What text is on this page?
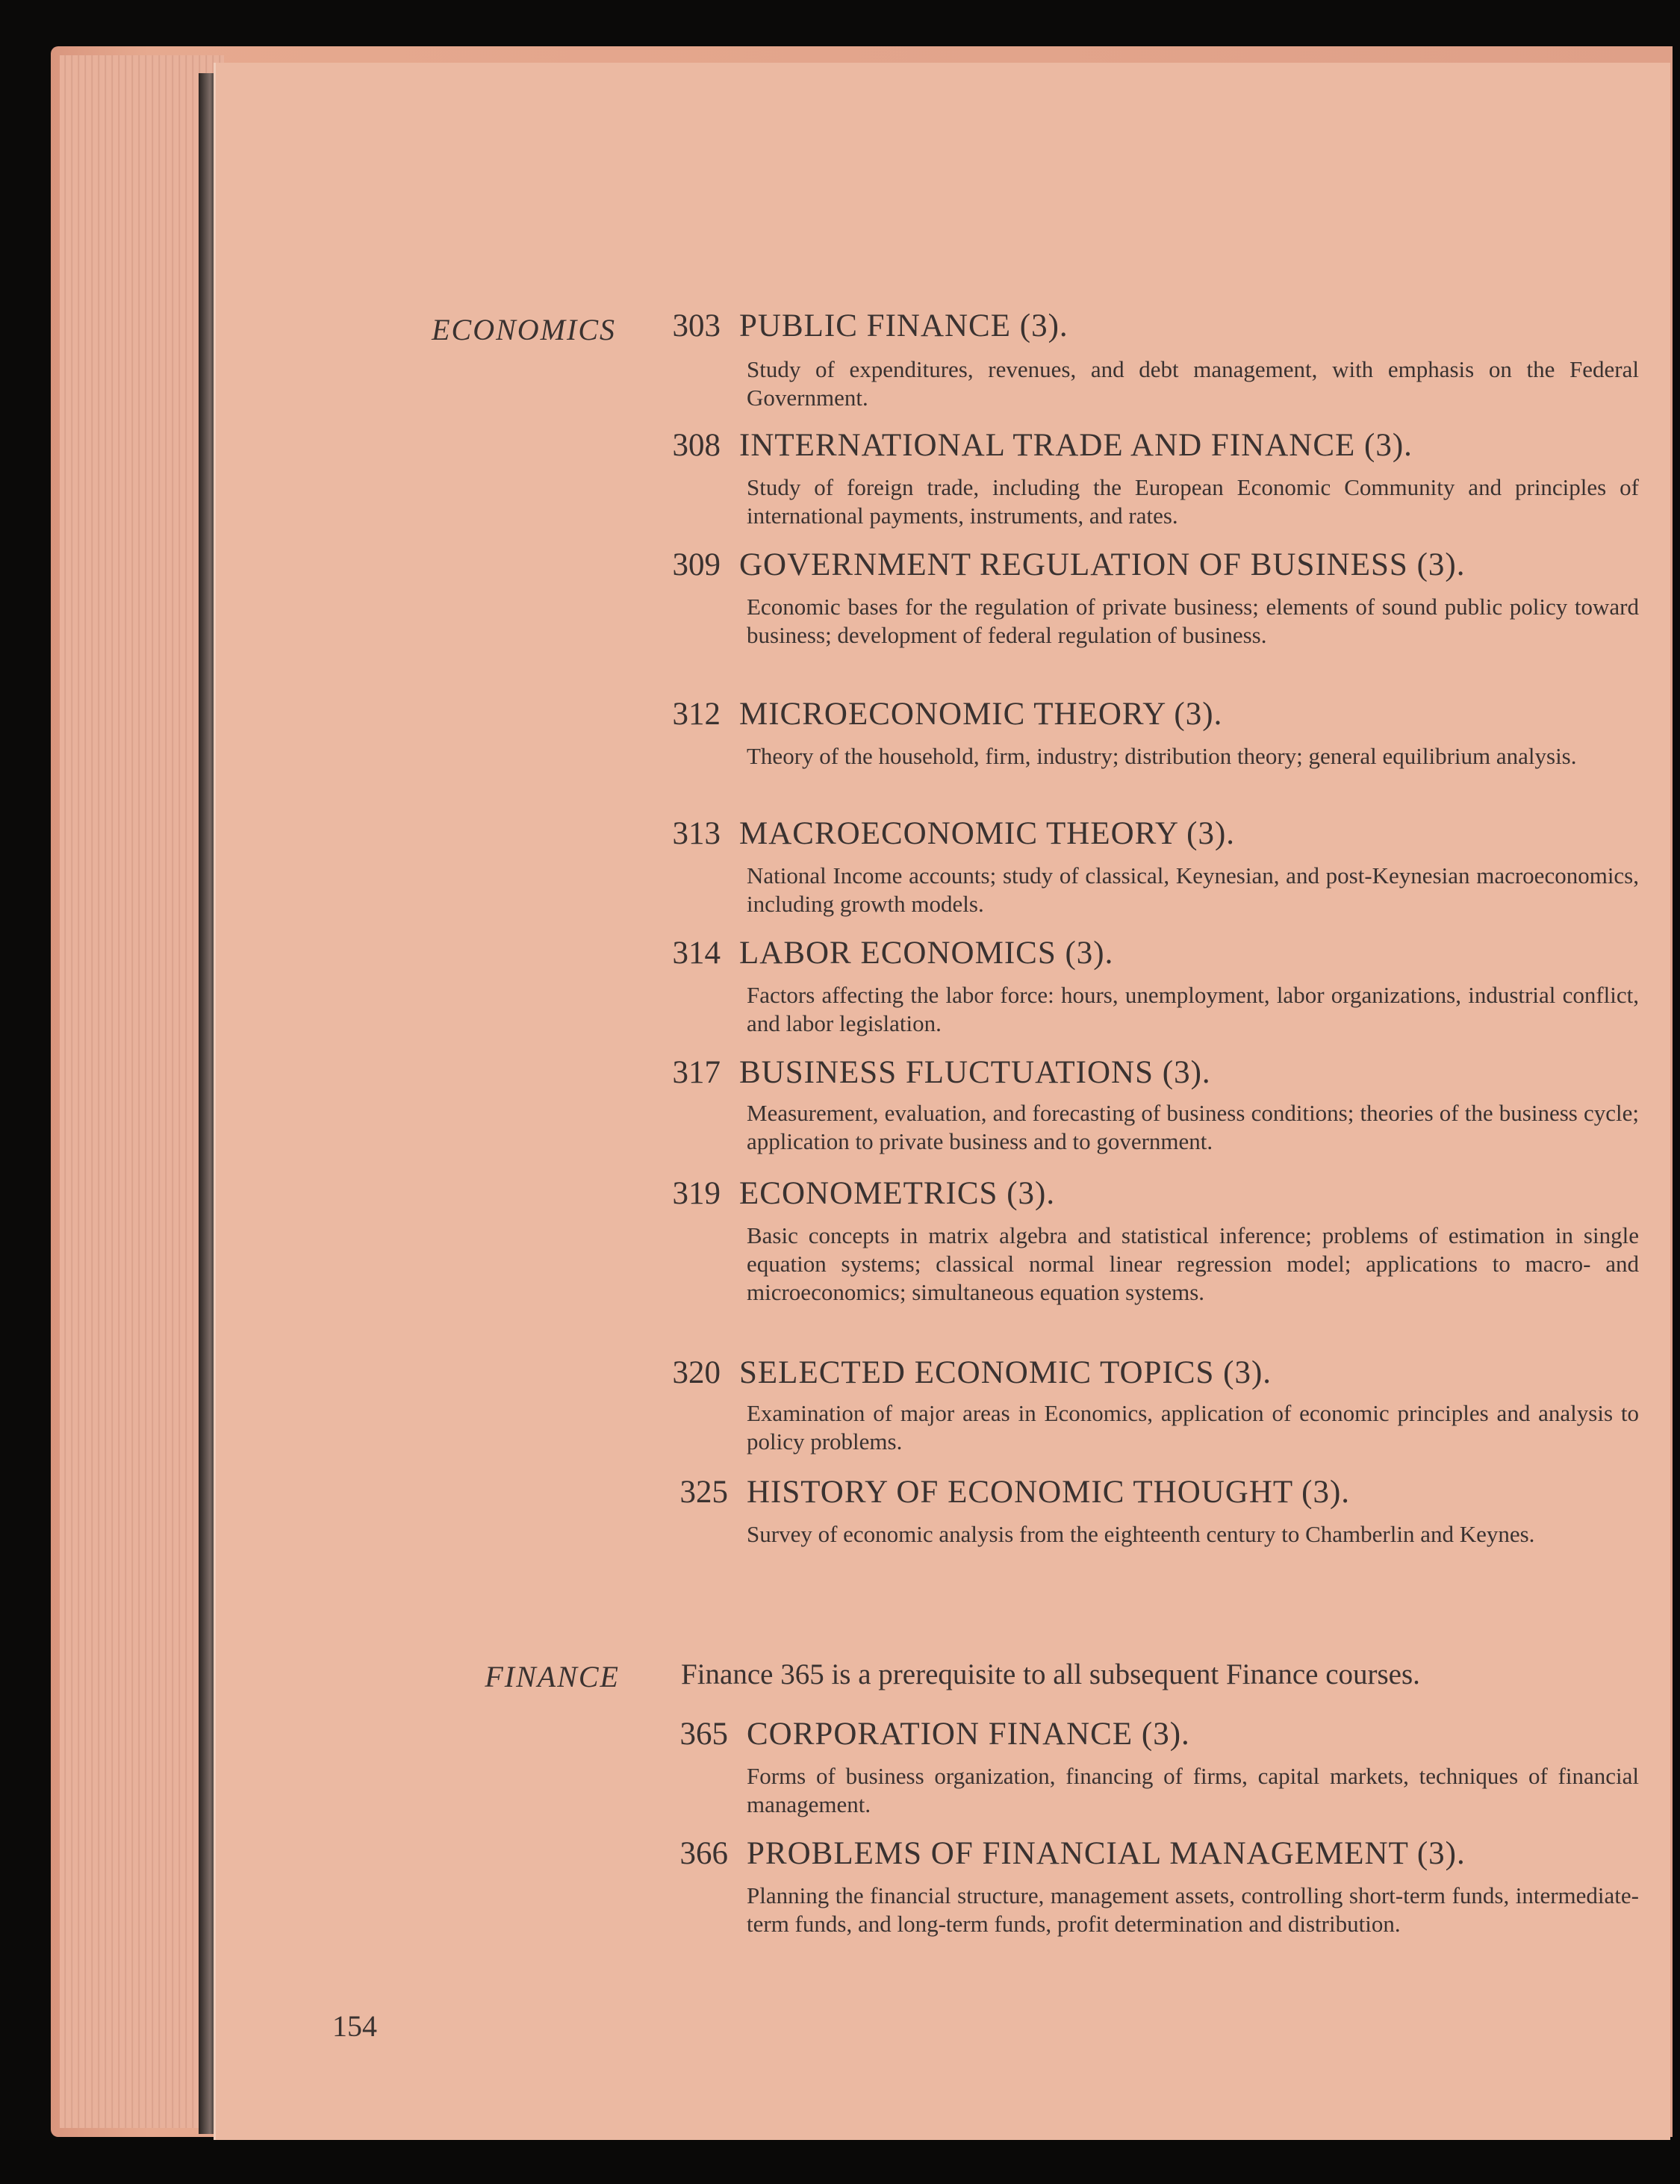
ECONOMICS	303 PUBLIC FINANCE (3).
Study of expenditures, revenues, and debt management, with emphasis on the Federal Government.
308 INTERNATIONAL TRADE AND FINANCE (3).
Study of foreign trade, including the European Economic Community and principles of international payments, instruments, and rates.
309 GOVERNMENT REGULATION OF BUSINESS (3).
Economic bases for the regulation of private business; elements of sound public policy toward business; development of federal regulation of business.
312 MICROECONOMIC THEORY (3).
Theory of the household, firm, industry; distribution theory; general equilibrium analysis.
313 MACROECONOMIC THEORY (3).
National Income accounts; study of classical, Keynesian, and post-Keynesian macroeconomics, including growth models.
314 LABOR ECONOMICS (3).
Factors affecting the labor force: hours, unemployment, labor organizations, industrial conflict, and labor legislation.
317 BUSINESS FLUCTUATIONS (3).
Measurement, evaluation, and forecasting of business conditions; theories of the business cycle; application to private business and to government.
319 ECONOMETRICS (3).
Basic concepts in matrix algebra and statistical inference; problems of estimation in single equation systems; classical normal linear regression model; applications to macro- and microeconomics; simultaneous equation systems.
320 SELECTED ECONOMIC TOPICS (3).
Examination of major areas in Economics, application of economic principles and analysis to policy problems.
325 HISTORY OF ECONOMIC THOUGHT (3).
Survey of economic analysis from the eighteenth century to Chamberlin and Keynes.
FINANCE Finance 365 is a prerequisite to all subsequent Finance courses.
365 CORPORATION FINANCE (3).
Forms of business organization, financing of firms, capital markets, techniques of financial management.
366 PROBLEMS OF FINANCIAL MANAGEMENT (3).
Planning the financial structure, management assets, controlling short-term funds, intermediate-term funds, and long-term funds, profit determination and distribution.
154
